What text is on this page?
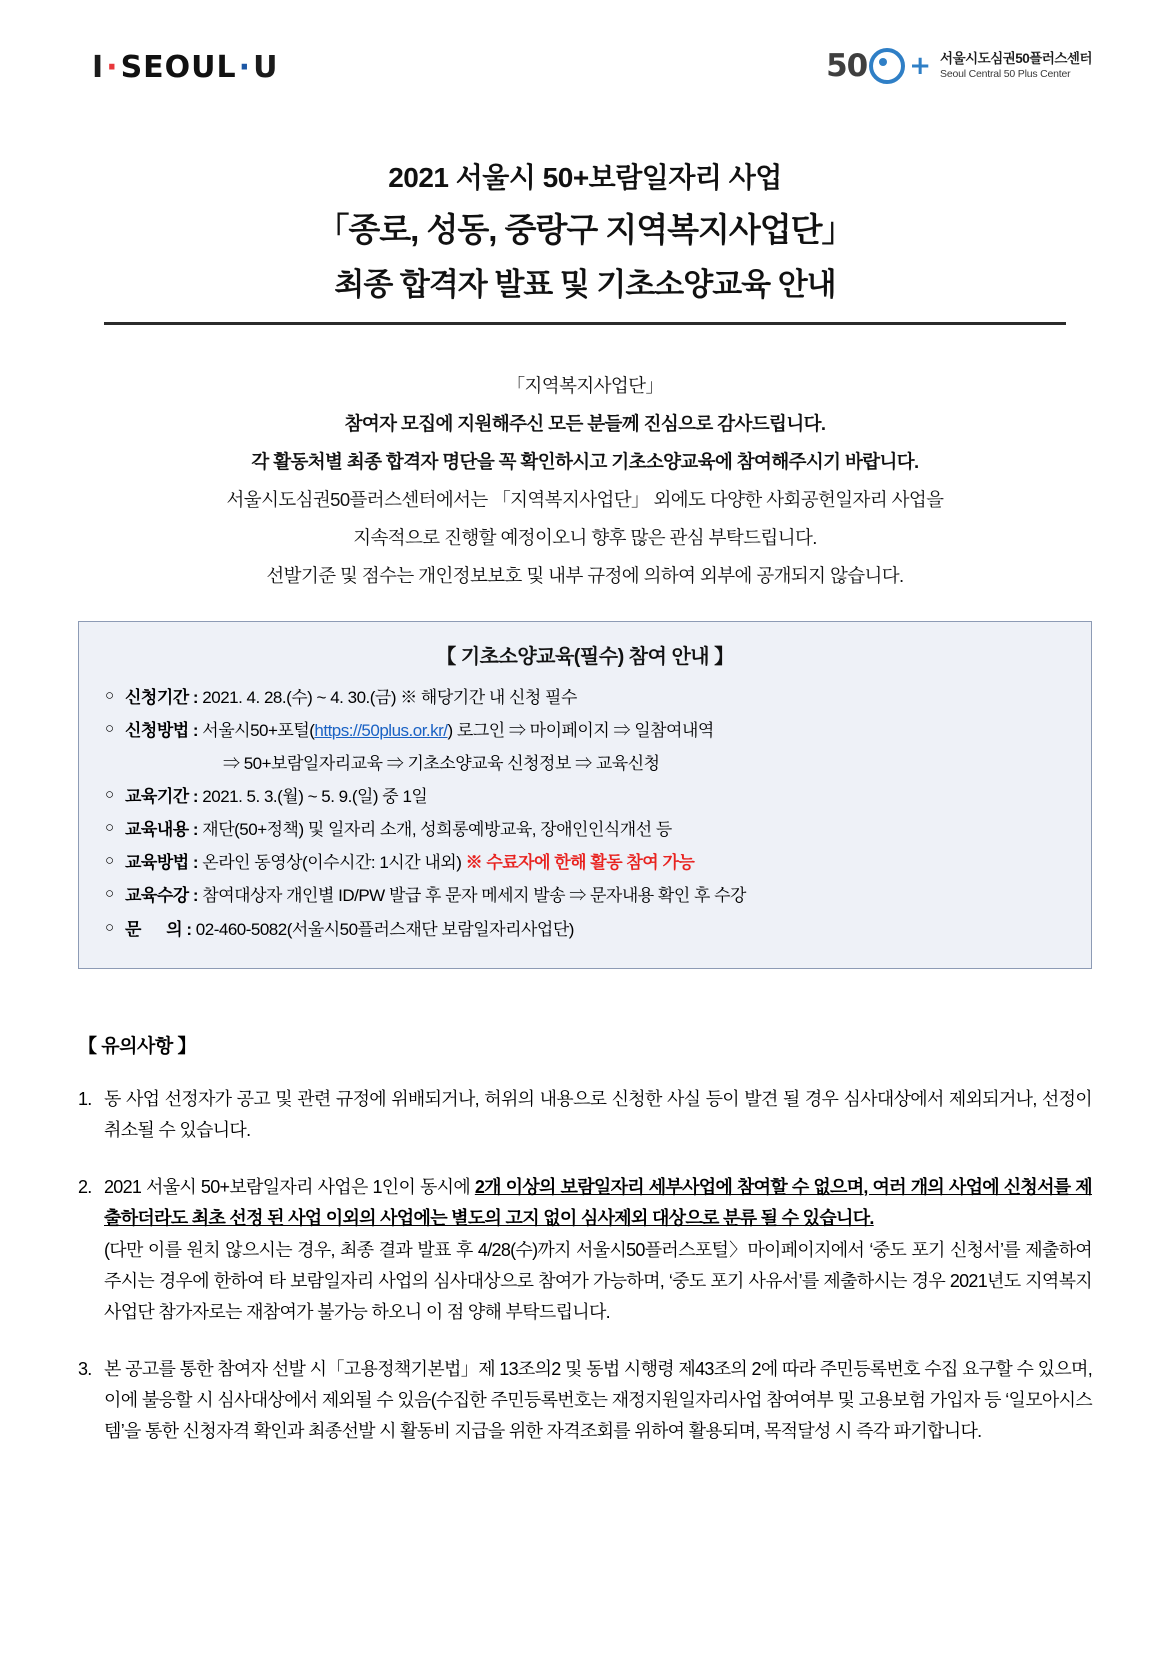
I · SEOUL · U	50 + 서울시도심권50플러스센터
Seoul Central 50 Plus Center
2021 서울시 50+보람일자리 사업
「종로, 성동, 중랑구 지역복지사업단」
최종 합격자 발표 및 기초소양교육 안내
「지역복지사업단」
참여자 모집에 지원해주신 모든 분들께 진심으로 감사드립니다.
각 활동처별 최종 합격자 명단을 꼭 확인하시고 기초소양교육에 참여해주시기 바랍니다.
서울시도심권50플러스센터에서는 「지역복지사업단」 외에도 다양한 사회공헌일자리 사업을
지속적으로 진행할 예정이오니 향후 많은 관심 부탁드립니다.
선발기준 및 점수는 개인정보보호 및 내부 규정에 의하여 외부에 공개되지 않습니다.
【 기초소양교육(필수) 참여 안내 】
○ 신청기간 : 2021. 4. 28.(수) ~ 4. 30.(금) ※ 해당기간 내 신청 필수
○ 신청방법 : 서울시50+포털(https://50plus.or.kr/) 로그인 ⇒ 마이페이지 ⇒ 일참여내역
⇒ 50+보람일자리교육 ⇒ 기초소양교육 신청정보 ⇒ 교육신청
○ 교육기간 : 2021. 5. 3.(월) ~ 5. 9.(일) 중 1일
○ 교육내용 : 재단(50+정책) 및 일자리 소개, 성희롱예방교육, 장애인인식개선 등
○ 교육방법 : 온라인 동영상(이수시간: 1시간 내외) ※ 수료자에 한해 활동 참여 가능
○ 교육수강 : 참여대상자 개인별 ID/PW 발급 후 문자 메세지 발송 ⇒ 문자내용 확인 후 수강
○ 문      의 : 02-460-5082(서울시50플러스재단 보람일자리사업단)
【 유의사항 】
1. 동 사업 선정자가 공고 및 관련 규정에 위배되거나, 허위의 내용으로 신청한 사실 등이 발견 될 경우 심사대상에서 제외되거나, 선정이 취소될 수 있습니다.
2. 2021 서울시 50+보람일자리 사업은 1인이 동시에 2개 이상의 보람일자리 세부사업에 참여할 수 없으며, 여러 개의 사업에 신청서를 제출하더라도 최초 선정 된 사업 이외의 사업에는 별도의 고지 없이 심사제외 대상으로 분류 될 수 있습니다.
(다만 이를 원치 않으시는 경우, 최종 결과 발표 후 4/28(수)까지 서울시50플러스포털〉마이페이지에서 ‘중도 포기 신청서’를 제출하여 주시는 경우에 한하여 타 보람일자리 사업의 심사대상으로 참여가 가능하며, ‘중도 포기 사유서’를 제출하시는 경우 2021년도 지역복지사업단 참가자로는 재참여가 불가능 하오니 이 점 양해 부탁드립니다.
3. 본 공고를 통한 참여자 선발 시「고용정책기본법」제 13조의2 및 동법 시행령 제43조의 2에 따라 주민등록번호 수집 요구할 수 있으며, 이에 불응할 시 심사대상에서 제외될 수 있음(수집한 주민등록번호는 재정지원일자리사업 참여여부 및 고용보험 가입자 등 ‘일모아시스템’을 통한 신청자격 확인과 최종선발 시 활동비 지급을 위한 자격조회를 위하여 활용되며, 목적달성 시 즉각 파기합니다.
